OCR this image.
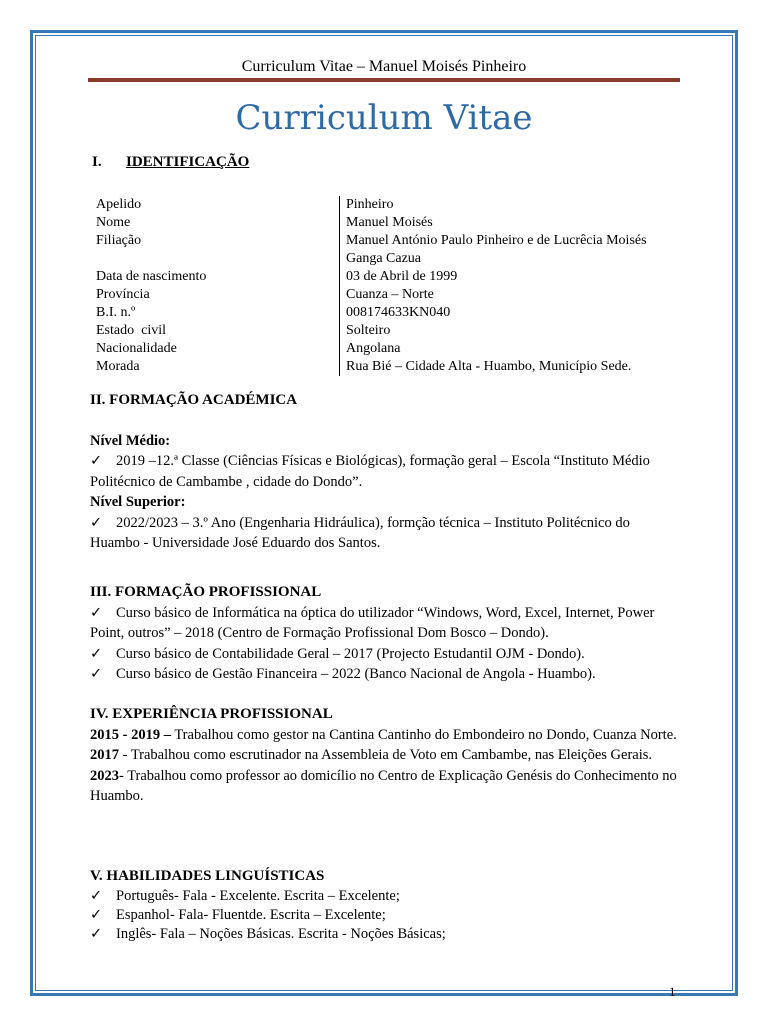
Curriculum Vitae – Manuel Moisés Pinheiro
Curriculum Vitae
I. IDENTIFICAÇÃO
Apelido	Pinheiro
Nome	Manuel Moisés
Filiação	Manuel António Paulo Pinheiro e de Lucrêcia Moisés Ganga Cazua
Data de nascimento	03 de Abril de 1999
Província	Cuanza – Norte
B.I. n.º	008174633KN040
Estado  civil	Solteiro
Nacionalidade	Angolana
Morada	Rua Bié – Cidade Alta - Huambo, Município Sede.
II. FORMAÇÃO ACADÉMICA
Nível Médio:
✓ 2019 –12.ª Classe (Ciências Físicas e Biológicas), formação geral – Escola “Instituto Médio Politécnico de Cambambe , cidade do Dondo”.
Nível Superior:
✓ 2022/2023 – 3.º Ano (Engenharia Hidráulica), formção técnica – Instituto Politécnico do Huambo - Universidade José Eduardo dos Santos.
III. FORMAÇÃO PROFISSIONAL
✓ Curso básico de Informática na óptica do utilizador “Windows, Word, Excel, Internet, Power Point, outros” – 2018 (Centro de Formação Profissional Dom Bosco – Dondo).
✓ Curso básico de Contabilidade Geral – 2017 (Projecto Estudantil OJM - Dondo).
✓ Curso básico de Gestão Financeira – 2022 (Banco Nacional de Angola - Huambo).
IV. EXPERIÊNCIA PROFISSIONAL
2015 - 2019 – Trabalhou como gestor na Cantina Cantinho do Embondeiro no Dondo, Cuanza Norte.
2017 - Trabalhou como escrutinador na Assembleia de Voto em Cambambe, nas Eleições Gerais.
2023- Trabalhou como professor ao domicílio no Centro de Explicação Genésis do Conhecimento no Huambo.
V. HABILIDADES LINGUÍSTICAS
✓ Português- Fala - Excelente. Escrita – Excelente;
✓ Espanhol- Fala- Fluentde. Escrita – Excelente;
✓ Inglês- Fala – Noções Básicas. Escrita - Noções Básicas;
1
